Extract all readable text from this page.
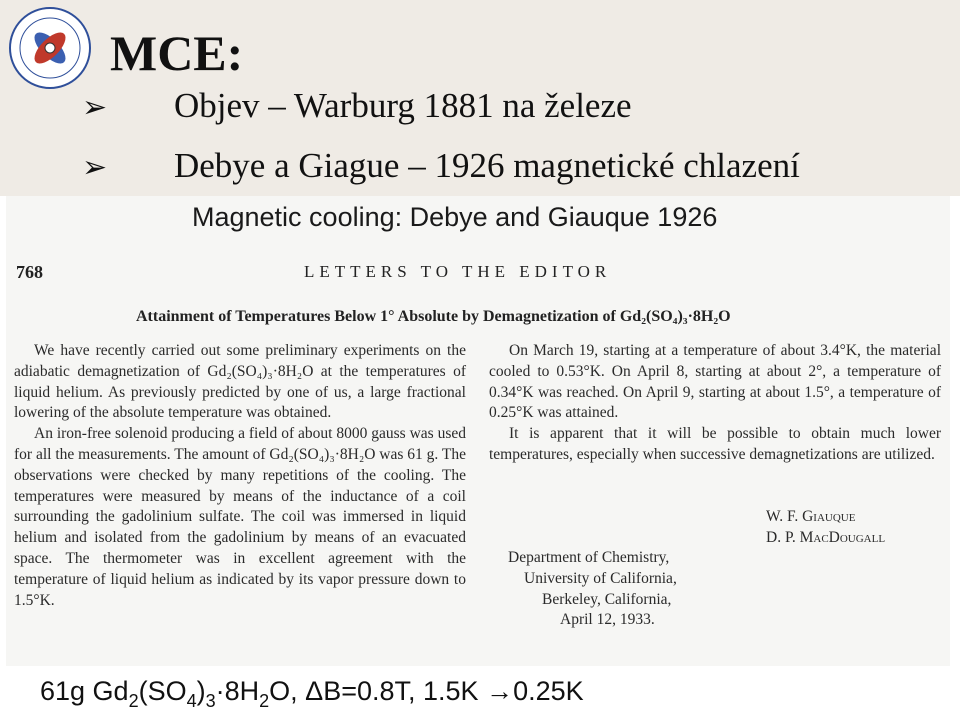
MCE:
➢ Objev – Warburg 1881 na železe
➢ Debye a Giague – 1926 magnetické chlazení
Magnetic cooling: Debye and Giauque 1926
768	LETTERS TO THE EDITOR
Attainment of Temperatures Below 1° Absolute by Demagnetization of Gd₂(SO₄)₃·8H₂O

We have recently carried out some preliminary experiments on the adiabatic demagnetization of Gd₂(SO₄)₃·8H₂O at the temperatures of liquid helium. As previously predicted by one of us, a large fractional lowering of the absolute temperature was obtained.

An iron-free solenoid producing a field of about 8000 gauss was used for all the measurements. The amount of Gd₂(SO₄)₃·8H₂O was 61 g. The observations were checked by many repetitions of the cooling. The temperatures were measured by means of the inductance of a coil surrounding the gadolinium sulfate. The coil was immersed in liquid helium and isolated from the gadolinium by means of an evacuated space. The thermometer was in excellent agreement with the temperature of liquid helium as indicated by its vapor pressure down to 1.5°K.

On March 19, starting at a temperature of about 3.4°K, the material cooled to 0.53°K. On April 8, starting at about 2°, a temperature of 0.34°K was reached. On April 9, starting at about 1.5°, a temperature of 0.25°K was attained.

It is apparent that it will be possible to obtain much lower temperatures, especially when successive demagnetizations are utilized.

W. F. Giauque
D. P. MacDougall
Department of Chemistry,
University of California,
Berkeley, California,
April 12, 1933.
61g $Gd_2(SO_4)_3\cdot 8H_2O$, ΔB=0.8T, 1.5K →0.25K
